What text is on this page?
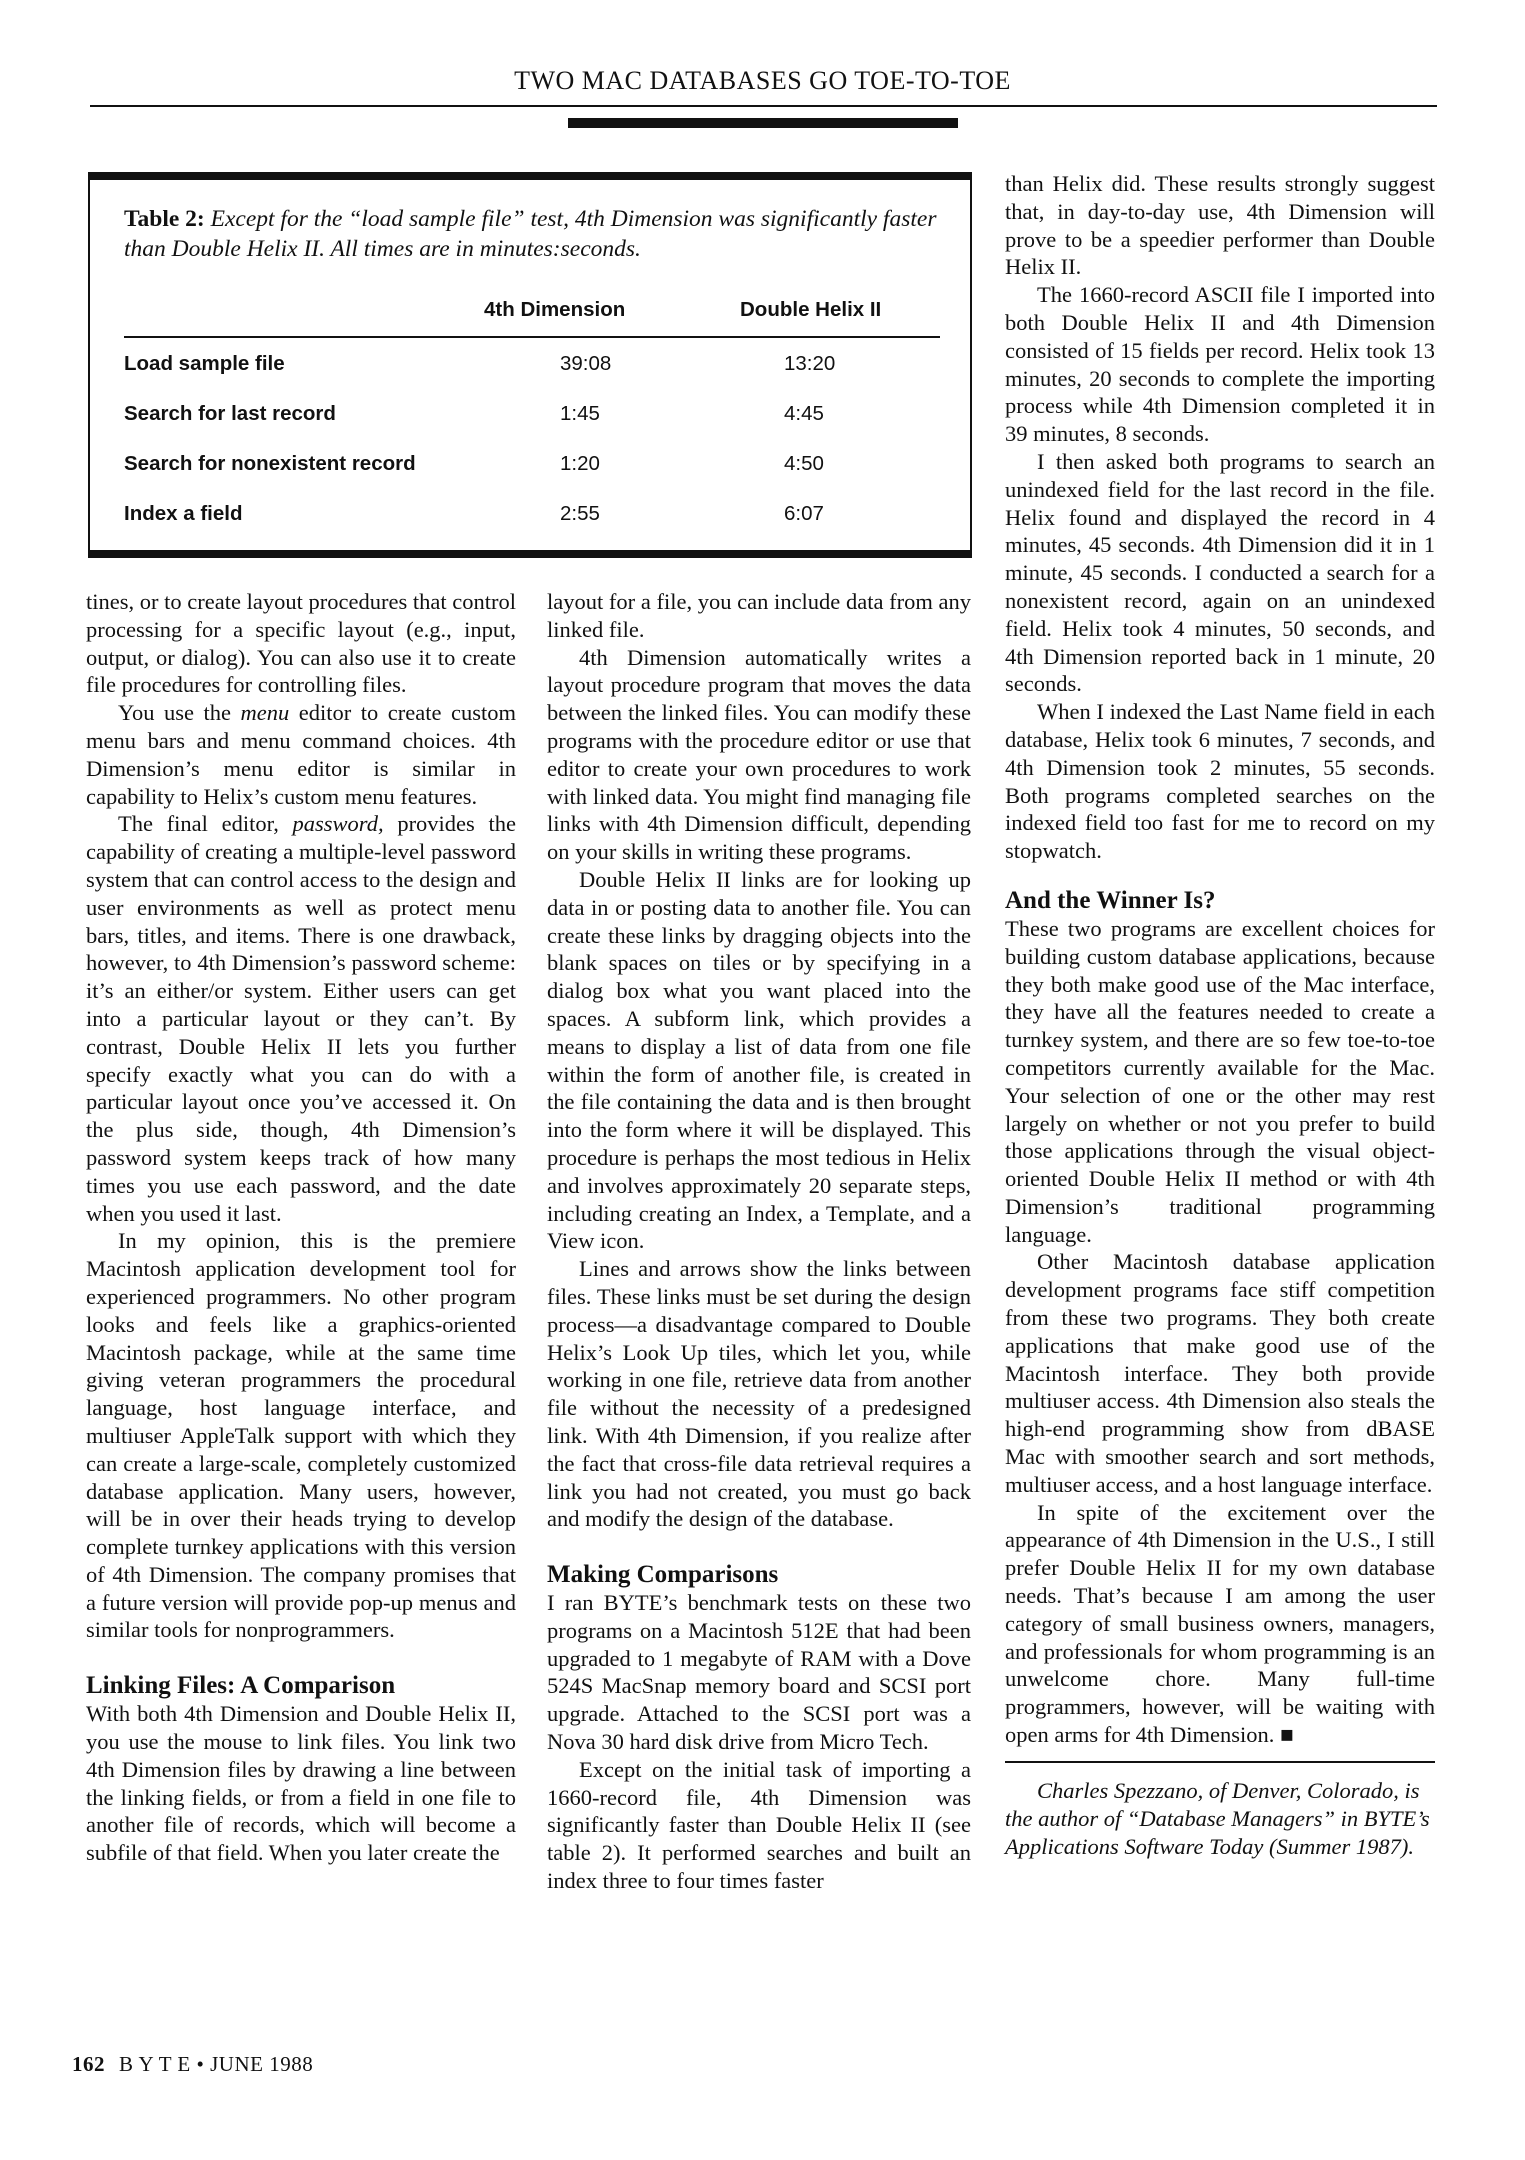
TWO MAC DATABASES GO TOE-TO-TOE
Table 2: Except for the “load sample file” test, 4th Dimension was significantly faster than Double Helix II. All times are in minutes:seconds.
4th Dimension	Double Helix II
Load sample file	39:08	13:20
Search for last record	1:45	4:45
Search for nonexistent record	1:20	4:50
Index a field	2:55	6:07

tines, or to create layout procedures that control processing for a specific layout (e.g., input, output, or dialog). You can also use it to create file procedures for controlling files.

You use the menu editor to create custom menu bars and menu command choices. 4th Dimension’s menu editor is similar in capability to Helix’s custom menu features.

The final editor, password, provides the capability of creating a multiple-level password system that can control access to the design and user environments as well as protect menu bars, titles, and items. There is one drawback, however, to 4th Dimension’s password scheme: it’s an either/or system. Either users can get into a particular layout or they can’t. By contrast, Double Helix II lets you further specify exactly what you can do with a particular layout once you’ve accessed it. On the plus side, though, 4th Dimension’s password system keeps track of how many times you use each password, and the date when you used it last.

In my opinion, this is the premiere Macintosh application development tool for experienced programmers. No other program looks and feels like a graphics-oriented Macintosh package, while at the same time giving veteran programmers the procedural language, host language interface, and multiuser AppleTalk support with which they can create a large-scale, completely customized database application. Many users, however, will be in over their heads trying to develop complete turnkey applications with this version of 4th Dimension. The company promises that a future version will provide pop-up menus and similar tools for nonprogrammers.

Linking Files: A Comparison

With both 4th Dimension and Double Helix II, you use the mouse to link files. You link two 4th Dimension files by drawing a line between the linking fields, or from a field in one file to another file of records, which will become a subfile of that field. When you later create the

layout for a file, you can include data from any linked file.

4th Dimension automatically writes a layout procedure program that moves the data between the linked files. You can modify these programs with the procedure editor or use that editor to create your own procedures to work with linked data. You might find managing file links with 4th Dimension difficult, depending on your skills in writing these programs.

Double Helix II links are for looking up data in or posting data to another file. You can create these links by dragging objects into the blank spaces on tiles or by specifying in a dialog box what you want placed into the spaces. A subform link, which provides a means to display a list of data from one file within the form of another file, is created in the file containing the data and is then brought into the form where it will be displayed. This procedure is perhaps the most tedious in Helix and involves approximately 20 separate steps, including creating an Index, a Template, and a View icon.

Lines and arrows show the links between files. These links must be set during the design process—a disadvantage compared to Double Helix’s Look Up tiles, which let you, while working in one file, retrieve data from another file without the necessity of a predesigned link. With 4th Dimension, if you realize after the fact that cross-file data retrieval requires a link you had not created, you must go back and modify the design of the database.

Making Comparisons

I ran BYTE’s benchmark tests on these two programs on a Macintosh 512E that had been upgraded to 1 megabyte of RAM with a Dove 524S MacSnap memory board and SCSI port upgrade. Attached to the SCSI port was a Nova 30 hard disk drive from Micro Tech.

Except on the initial task of importing a 1660-record file, 4th Dimension was significantly faster than Double Helix II (see table 2). It performed searches and built an index three to four times faster

than Helix did. These results strongly suggest that, in day-to-day use, 4th Dimension will prove to be a speedier performer than Double Helix II.

The 1660-record ASCII file I imported into both Double Helix II and 4th Dimension consisted of 15 fields per record. Helix took 13 minutes, 20 seconds to complete the importing process while 4th Dimension completed it in 39 minutes, 8 seconds.

I then asked both programs to search an unindexed field for the last record in the file. Helix found and displayed the record in 4 minutes, 45 seconds. 4th Dimension did it in 1 minute, 45 seconds. I conducted a search for a nonexistent record, again on an unindexed field. Helix took 4 minutes, 50 seconds, and 4th Dimension reported back in 1 minute, 20 seconds.

When I indexed the Last Name field in each database, Helix took 6 minutes, 7 seconds, and 4th Dimension took 2 minutes, 55 seconds. Both programs completed searches on the indexed field too fast for me to record on my stopwatch.

And the Winner Is?

These two programs are excellent choices for building custom database applications, because they both make good use of the Mac interface, they have all the features needed to create a turnkey system, and there are so few toe-to-toe competitors currently available for the Mac. Your selection of one or the other may rest largely on whether or not you prefer to build those applications through the visual object-oriented Double Helix II method or with 4th Dimension’s traditional programming language.

Other Macintosh database application development programs face stiff competition from these two programs. They both create applications that make good use of the Macintosh interface. They both provide multiuser access. 4th Dimension also steals the high-end programming show from dBASE Mac with smoother search and sort methods, multiuser access, and a host language interface.

In spite of the excitement over the appearance of 4th Dimension in the U.S., I still prefer Double Helix II for my own database needs. That’s because I am among the user category of small business owners, managers, and professionals for whom programming is an unwelcome chore. Many full-time programmers, however, will be waiting with open arms for 4th Dimension. ■

Charles Spezzano, of Denver, Colorado, is the author of “Database Managers” in BYTE’s Applications Software Today (Summer 1987).

162 B Y T E • JUNE 1988
